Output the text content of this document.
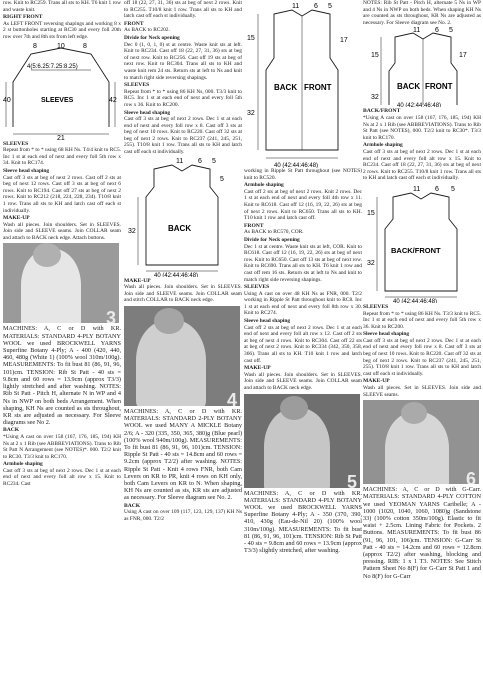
row. Knit to RC259. Trans all sts to KH. T6 knit 1 row and waste knit.

RIGHT FRONT

As LEFT FRONT reversing shapings and working 8 x 2 st buttonholes starting at RC30 and every foll 20th row over 7th and 8th sts from left edge.

8	10	8
4(5:6.25:7.25:8.25)
SLEEVES
40	42
21
SLEEVES

Repeat from * to * using 68 KH Ns. T4/4 knit to RC5. Inc 1 st at each end of next and every foll 5th row x 34. Knit to RC174.

Sleeve head shaping

Cast off 3 sts at beg of next 2 rows. Cast off 2 sts at beg of next 12 rows. Cast off 3 sts at beg of next 6 rows. Knit to RC194. Cast off 27 sts at beg of next 2 rows. Knit to RC212 (218, 224, 228, 234). T10/8 knit 1 row. Trans all sts to KH and latch cast off each st individually.

MAKE-UP

Wash all pieces. Join shoulders. Set in SLEEVES. Join side and SLEEVE seams. Join COLLAR seam and attach to BACK neck edge. Attach buttons.

3

MACHINES: A, C or D with KR. MATERIALS: STANDARD 4-PLY BOTANY WOOL we used BROCKWELL YARNS Superfine Botany 4-Ply; A - 400 (420, 440, 460, 480g (White 1) (100% wool 310m/100g). MEASUREMENTS: To fit bust 81 (86, 91, 96, 101)cm. TENSION: Rib St Patt - 40 sts = 9.8cm and 60 rows = 13.9cm (approx T3/3) lightly stretched and after washing. NOTES: Rib St Patt - Pitch H, alternate N in WP and 4 Ns in NWP on both beds Arrangement. When shaping, KH Ns are counted as sts throughout, KR sts are adjusted as necessary. For Sleeve diagrams see No 2.

BACK

*Using A cast on over 158 (167, 176, 185, 194) KH Ns at 2 x 1 Rib (see ABBREVIATIONS). Trans to Rib St Patt N Arrangement (see NOTES)*. 000. T2/2 knit to RC30. T3/3 knit to RC170.

Armhole shaping

Cast off 3 sts at beg of next 2 rows. Dec 1 st at each end of next and every foll alt row x 15. Knit to RC234. Cast

off 18 (22, 27, 31, 36) sts at beg of next 2 rows. Knit to RC255. T10/8 knit 1 row. Trans all sts to KH and latch cast off each st individually.

FRONT

As BACK to RC202.

Divide for Neck opening

Dec 0 (1, 0, 1, 0) st at centre. Waste knit sts at left. Knit to RC234. Cast off 18 (22, 27, 31, 36) sts at beg of next row. Knit to RC256. Cast off 19 sts at beg of next row. Knit to RC304. Trans all sts to KH and waste knit rem 24 sts. Return sts at left to Ns and knit to match right side reversing shapings.

SLEEVES

Repeat from * to * using 86 KH Ns, 000. T3/3 knit to RC5. Inc 1 st at each end of next and every foll 5th row x 36. Knit to RC200.

Sleeve head shaping

Cast off 3 sts at beg of next 2 rows. Dec 1 st at each end of next and every foll row x 8. Cast off 3 sts at beg of next 10 rows. Knit to RC220. Cast off 32 sts at beg of next 2 rows. Knit to RC237 (241, 245, 251, 255). T10/8 knit 1 row. Trans all sts to KH and latch cast off each st individually.

11 6 5
5
32	BACK
40 (42:44:46:48)
MAKE-UP

Wash all pieces. Join shoulders. Set in SLEEVES. Join side and SLEEVE seams. Join COLLAR seam and stitch COLLAR to BACK neck edge.

4

MACHINES: A, C or D with KR. MATERIALS: STANDARD 2-PLY BOTANY WOOL we used MANY A MICKLE Botany 2/6; A - 320 (335, 350, 365, 380)g (Blue pearl) (100% wool 940m/100g). MEASUREMENTS: To fit bust 81 (86, 91, 96, 101)cm. TENSION: Ripple St Patt - 40 sts = 14.8cm and 60 rows = 9.2cm (approx T2/2) after washing. NOTES: Ripple St Patt - Knit 4 rows FNR, both Cam Levers on KR to PR, knit 4 rows on KH only, both Cam Levers on KR to N. When shaping, KH Ns are counted as sts, KR sts are adjusted as necessary. For Sleeve diagram see No. 2.

BACK

Using A cast on over 109 (117, 123, 129, 137) KH Ns as FNR, 000. T2/2

11 6 5
15	17
32
BACK FRONT
40 (42:44:46:48)

working in Ripple St Patt throughout (see NOTES) knit to RC520.

Armhole shaping

Cast off 2 sts at beg of next 2 rows. Knit 2 rows. Dec 1 st at each end of next and every foll 4th row x 11. Knit to RC618. Cast off 12 (16, 19, 22, 26) sts at beg of next 2 rows. Knit to RC650. Trans all sts to KH. T10 knit 1 row and latch cast off.

FRONT

As BACK to RC570, COR.

Divide for Neck opening

Dec 1 st at centre. Waste knit sts at left, COR. Knit to RC618. Cast off 12 (16, 19, 22, 26) sts at beg of next row. Knit to RC650. Cast off 13 sts at beg of next row. Knit to RC690. Trans all sts to KH. T6 knit 1 row and cast off rem 16 sts. Return sts at left to Ns and knit to match right side reversing shapings.

SLEEVES

Using A cast on over 48 KH Ns as FNR, 000. T2/2 working in Ripple St Patt throughout knit to RC8. Inc 1 st at each end of next and every foll 8th row x 30. Knit to RC274.

Sleeve head shaping

Cast off 2 sts at beg of next 2 rows. Dec 1 st at each end of next and every foll alt row x 12. Cast off 2 sts at beg of next 4 rows. Knit to RC304. Cast off 22 sts at beg of next 2 rows. Knit to RC334 (342, 350, 358, 366). Trans all sts to KH. T10 knit 1 row and latch cast off.

MAKE-UP

Wash all pieces. Join shoulders. Set in SLEEVES. Join side and SLEEVE seams. Join COLLAR seam and attach to BACK neck edge.

5

MACHINES: A, C or D with KR. MATERIALS: STANDARD 4-PLY BOTANY WOOL we used BROCKWELL YARNS Superfine Botany 4-Ply; A - 350 (370, 390, 410, 430g (Eau-de-Nil 20) (100% wool 310m/100g). MEASUREMENTS: To fit bust 81 (86, 91, 96, 101)cm. TENSION: Rib St Patt - 40 sts = 9.8cm and 60 rows = 13.9cm (approx T3/3) slightly stretched, after washing.

NOTES: Rib St Patt - Pitch H, alternate 5 Ns in WP and 4 Ns in NWP on both beds. When shaping KH Ns are counted as sts throughout, KR Ns are adjusted as necessary. For Sleeve diagram see No. 2.

11 6 5
15	17
32
BACK FRONT
40 (42:44:46:48)
BACK/FRONT

*Using A cast on over 158 (167, 176, 185, 194) KH Ns at 2 x 1 Rib (see ABBREVIATIONS). Trans to Rib St Patt (see NOTES), 000. T2/2 knit to RC30*. T3/3 knit to RC170.

Armhole shaping

Cast off 3 sts at beg of next 2 rows. Dec 1 st at each end of next and every foll alt row x 15. Knit to RC234. Cast off 18 (22, 27, 31, 36) sts at beg of next 2 rows. Knit to RC255. T10/8 knit 1 row. Trans all sts to KH and latch cast off each st individually.

11 6 5
15
32
BACK/FRONT
40 (42:44:46:48)
SLEEVES

Repeat from * to * using 86 KH Ns. T3/3 knit to RC5. Inc 1 st at each end of next and every foll 5th row x 36. Knit to RC200.

Sleeve head shaping

Cast off 3 sts at beg of next 2 rows. Dec 1 st at each end of next and every foll row x 8. Cast off 3 sts at beg of next 10 rows. Knit to RC220. Cast off 32 sts at beg of next 2 rows. Knit to RC237 (241, 245, 251, 255). T10/8 knit 1 row. Trans all sts to KH and latch cast off each st individually.

MAKE-UP

Wash all pieces. Set in SLEEVES. Join side and SLEEVE seams.

6

MACHINES: A, C or D with G-Carr. MATERIALS: STANDARD 4-PLY COTTON we used YEOMAN YARNS Caribelle; A - 1000 (1020, 1040, 1060, 1080)g (Sandstone 33) (100% cotton 350m/100g). Elastic to fit waist + 2.5cm. Lining Fabric for Pockets. 2 Buttons. MEASUREMENTS: To fit bust 86 (91, 96, 101, 106)cm. TENSION: G-Carr St Patt - 40 sts = 14.2cm and 60 rows = 12.8cm (approx T2/2) after washing, blocking and pressing. RIB: 1 x 1 T3. NOTES: See Stitch Pattern Sheet No 8(F) for G-Carr St Patt 1 and No 8(F) for G-Carr
